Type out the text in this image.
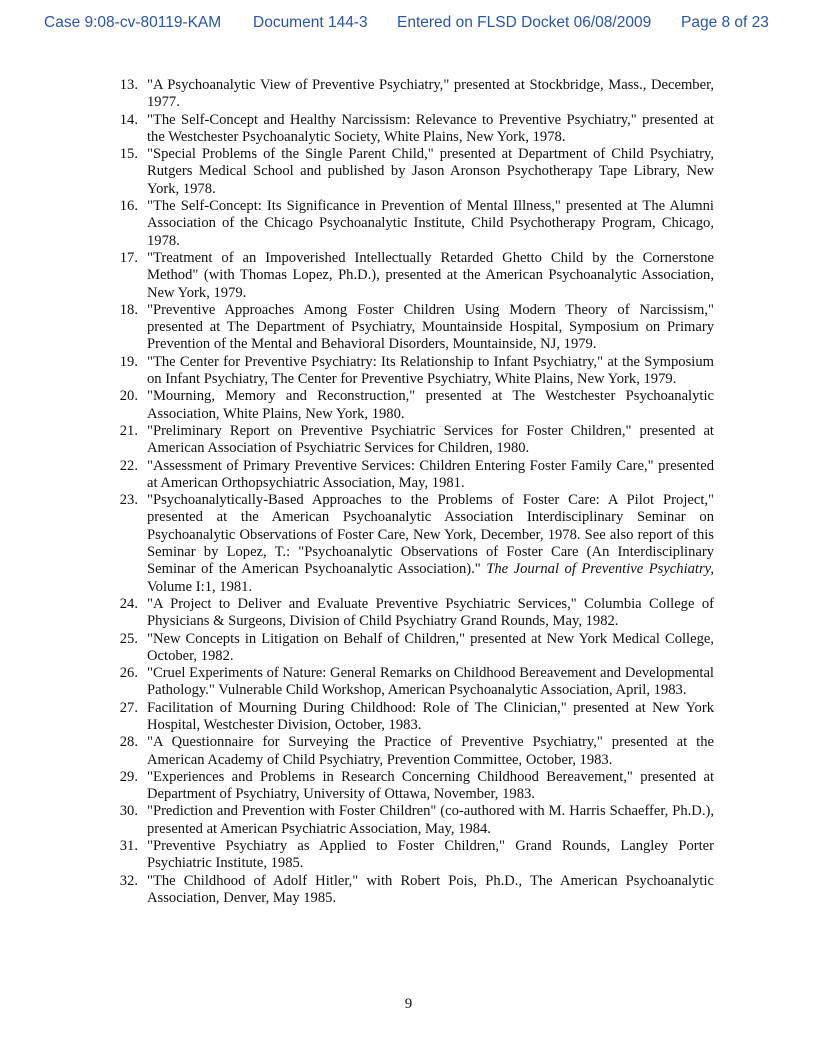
Case 9:08-cv-80119-KAM Document 144-3 Entered on FLSD Docket 06/08/2009 Page 8 of 23
13. "A Psychoanalytic View of Preventive Psychiatry," presented at Stockbridge, Mass., December, 1977.
14. "The Self-Concept and Healthy Narcissism: Relevance to Preventive Psychiatry," presented at the Westchester Psychoanalytic Society, White Plains, New York, 1978.
15. "Special Problems of the Single Parent Child," presented at Department of Child Psychiatry, Rutgers Medical School and published by Jason Aronson Psychotherapy Tape Library, New York, 1978.
16. "The Self-Concept: Its Significance in Prevention of Mental Illness," presented at The Alumni Association of the Chicago Psychoanalytic Institute, Child Psychotherapy Program, Chicago, 1978.
17. "Treatment of an Impoverished Intellectually Retarded Ghetto Child by the Cornerstone Method" (with Thomas Lopez, Ph.D.), presented at the American Psychoanalytic Association, New York, 1979.
18. "Preventive Approaches Among Foster Children Using Modern Theory of Narcissism," presented at The Department of Psychiatry, Mountainside Hospital, Symposium on Primary Prevention of the Mental and Behavioral Disorders, Mountainside, NJ, 1979.
19. "The Center for Preventive Psychiatry: Its Relationship to Infant Psychiatry," at the Symposium on Infant Psychiatry, The Center for Preventive Psychiatry, White Plains, New York, 1979.
20. "Mourning, Memory and Reconstruction," presented at The Westchester Psychoanalytic Association, White Plains, New York, 1980.
21. "Preliminary Report on Preventive Psychiatric Services for Foster Children," presented at American Association of Psychiatric Services for Children, 1980.
22. "Assessment of Primary Preventive Services: Children Entering Foster Family Care," presented at American Orthopsychiatric Association, May, 1981.
23. "Psychoanalytically-Based Approaches to the Problems of Foster Care: A Pilot Project," presented at the American Psychoanalytic Association Interdisciplinary Seminar on Psychoanalytic Observations of Foster Care, New York, December, 1978. See also report of this Seminar by Lopez, T.: "Psychoanalytic Observations of Foster Care (An Interdisciplinary Seminar of the American Psychoanalytic Association)." The Journal of Preventive Psychiatry, Volume I:1, 1981.
24. "A Project to Deliver and Evaluate Preventive Psychiatric Services," Columbia College of Physicians & Surgeons, Division of Child Psychiatry Grand Rounds, May, 1982.
25. "New Concepts in Litigation on Behalf of Children," presented at New York Medical College, October, 1982.
26. "Cruel Experiments of Nature: General Remarks on Childhood Bereavement and Developmental Pathology." Vulnerable Child Workshop, American Psychoanalytic Association, April, 1983.
27. Facilitation of Mourning During Childhood: Role of The Clinician," presented at New York Hospital, Westchester Division, October, 1983.
28. "A Questionnaire for Surveying the Practice of Preventive Psychiatry," presented at the American Academy of Child Psychiatry, Prevention Committee, October, 1983.
29. "Experiences and Problems in Research Concerning Childhood Bereavement," presented at Department of Psychiatry, University of Ottawa, November, 1983.
30. "Prediction and Prevention with Foster Children" (co-authored with M. Harris Schaeffer, Ph.D.), presented at American Psychiatric Association, May, 1984.
31. "Preventive Psychiatry as Applied to Foster Children," Grand Rounds, Langley Porter Psychiatric Institute, 1985.
32. "The Childhood of Adolf Hitler," with Robert Pois, Ph.D., The American Psychoanalytic Association, Denver, May 1985.
9
